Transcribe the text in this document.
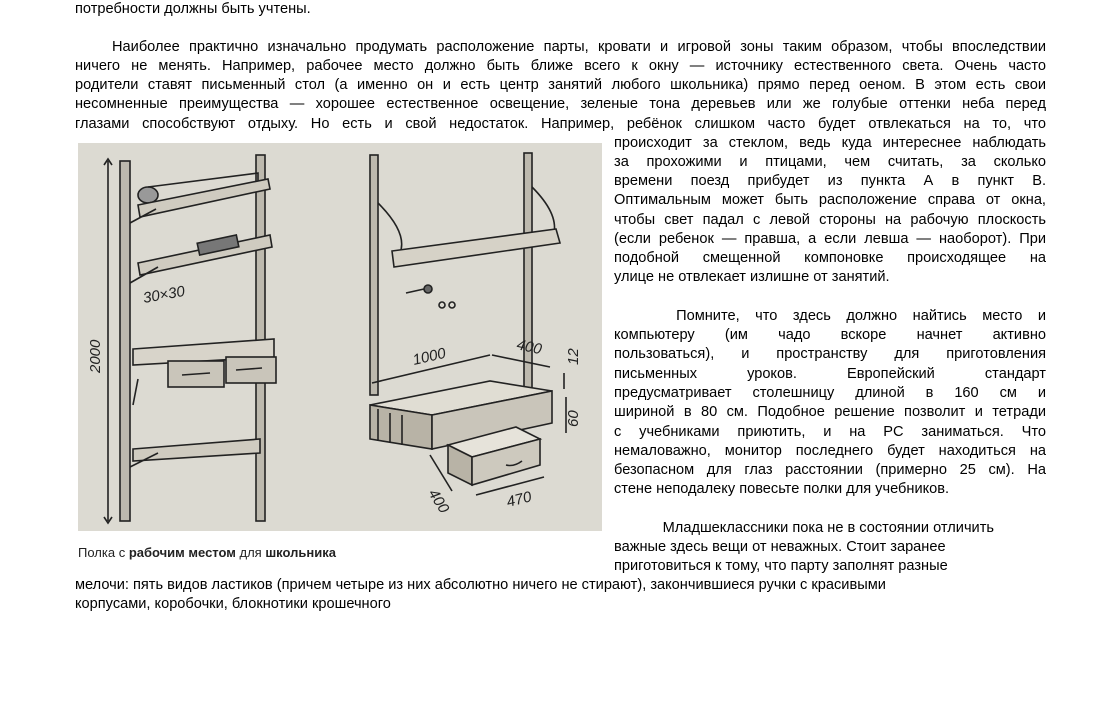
потребности должны быть учтены.
Наиболее практично изначально продумать расположение парты, кровати и игровой зоны таким образом, чтобы впоследствии
ничего не менять. Например, рабочее место должно быть ближе всего к окну — источнику естественного света. Очень часто
родители ставят письменный стол (а именно он и есть центр занятий любого школьника) прямо перед оеном. В этом есть свои
несомненные преимущества — хорошее естественное освещение, зеленые тона деревьев или же голубые оттенки неба перед
глазами способствуют отдыху. Но есть и свой недостаток. Например, ребёнок слишком часто будет отвлекаться на то, что
происходит за стеклом, ведь куда интереснее наблюдать
за прохожими и птицами, чем считать, за сколько
времени поезд прибудет из пункта А в пункт В.
Оптимальным может быть расположение справа от окна,
чтобы свет падал с левой стороны на рабочую плоскость
(если ребенок — правша, а если левша — наоборот). При
подобной смещенной компоновке происходящее на
улице не отвлекает излишне от занятий.
Помните, что здесь должно найтись место и
компьютеру (им чадо вскоре начнет активно
пользоваться), и пространству для приготовления
письменных уроков. Европейский стандарт
предусматривает столешницу длиной в 160 см и
шириной в 80 см. Подобное решение позволит и тетради
с учебниками приютить, и на PC заниматься. Что
немаловажно, монитор последнего будет находиться на
безопасном для глаз расстоянии (примерно 25 см). На
стене неподалеку повесьте полки для учебников.
Младшеклассники пока не в состоянии отличить
важные здесь вещи от неважных. Стоит заранее
приготовиться к тому, что парту заполнят разные
мелочи: пять видов ластиков (причем четыре из них абсолютно ничего не стирают), закончившиеся ручки с красивыми
корпусами, коробочки, блокнотики крошечного
2000
30×30
1000	400 12
60
470
400
Полка с рабочим местом для школьника
